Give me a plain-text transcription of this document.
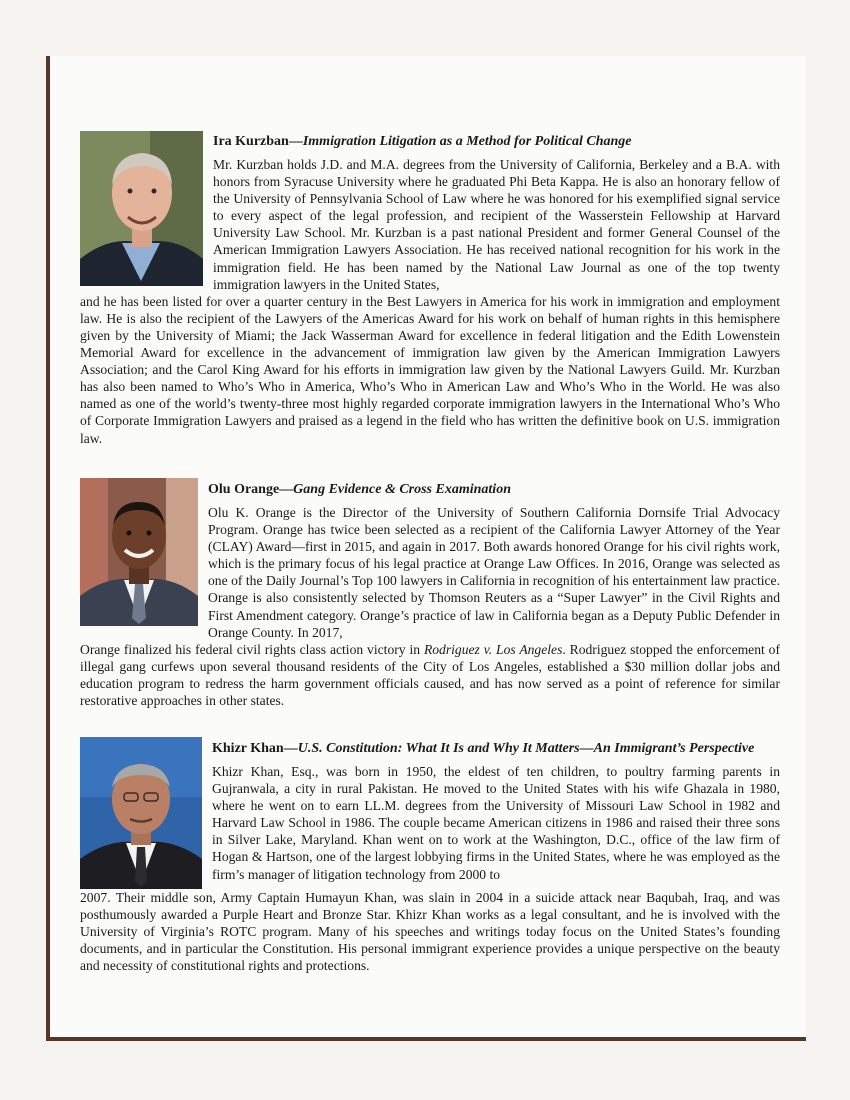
Ira Kurzban—Immigration Litigation as a Method for Political Change

Mr. Kurzban holds J.D. and M.A. degrees from the University of California, Berkeley and a B.A. with honors from Syracuse University where he graduated Phi Beta Kappa. He is also an honorary fellow of the University of Pennsylvania School of Law where he was honored for his exemplified signal service to every aspect of the legal profession, and recipient of the Wasserstein Fellowship at Harvard University Law School. Mr. Kurzban is a past national President and former General Counsel of the American Immigration Lawyers Association. He has received national recognition for his work in the immigration field. He has been named by the National Law Journal as one of the top twenty immigration lawyers in the United States,

and he has been listed for over a quarter century in the Best Lawyers in America for his work in immigration and employment law. He is also the recipient of the Lawyers of the Americas Award for his work on behalf of human rights in this hemisphere given by the University of Miami; the Jack Wasserman Award for excellence in federal litigation and the Edith Lowenstein Memorial Award for excellence in the advancement of immigration law given by the American Immigration Lawyers Association; and the Carol King Award for his efforts in immigration law given by the National Lawyers Guild. Mr. Kurzban has also been named to Who’s Who in America, Who’s Who in American Law and Who’s Who in the World. He was also named as one of the world’s twenty-three most highly regarded corporate immigration lawyers in the International Who’s Who of Corporate Immigration Lawyers and praised as a legend in the field who has written the definitive book on U.S. immigration law.

Olu Orange—Gang Evidence & Cross Examination

Olu K. Orange is the Director of the University of Southern California Dornsife Trial Advocacy Program. Orange has twice been selected as a recipient of the California Lawyer Attorney of the Year (CLAY) Award—first in 2015, and again in 2017. Both awards honored Orange for his civil rights work, which is the primary focus of his legal practice at Orange Law Offices. In 2016, Orange was selected as one of the Daily Journal’s Top 100 lawyers in California in recognition of his entertainment law practice. Orange is also consistently selected by Thomson Reuters as a “Super Lawyer” in the Civil Rights and First Amendment category. Orange’s practice of law in California began as a Deputy Public Defender in Orange County. In 2017,

Orange finalized his federal civil rights class action victory in Rodriguez v. Los Angeles. Rodriguez stopped the enforcement of illegal gang curfews upon several thousand residents of the City of Los Angeles, established a $30 million dollar jobs and education program to redress the harm government officials caused, and has now served as a point of reference for similar restorative approaches in other states.

Khizr Khan—U.S. Constitution: What It Is and Why It Matters—An Immigrant’s Perspective

Khizr Khan, Esq., was born in 1950, the eldest of ten children, to poultry farming parents in Gujranwala, a city in rural Pakistan. He moved to the United States with his wife Ghazala in 1980, where he went on to earn LL.M. degrees from the University of Missouri Law School in 1982 and Harvard Law School in 1986. The couple became American citizens in 1986 and raised their three sons in Silver Lake, Maryland. Khan went on to work at the Washington, D.C., office of the law firm of Hogan & Hartson, one of the largest lobbying firms in the United States, where he was employed as the firm’s manager of litigation technology from 2000 to

2007. Their middle son, Army Captain Humayun Khan, was slain in 2004 in a suicide attack near Baqubah, Iraq, and was posthumously awarded a Purple Heart and Bronze Star. Khizr Khan works as a legal consultant, and he is involved with the University of Virginia’s ROTC program. Many of his speeches and writings today focus on the United States’s founding documents, and in particular the Constitution. His personal immigrant experience provides a unique perspective on the beauty and necessity of constitutional rights and protections.
